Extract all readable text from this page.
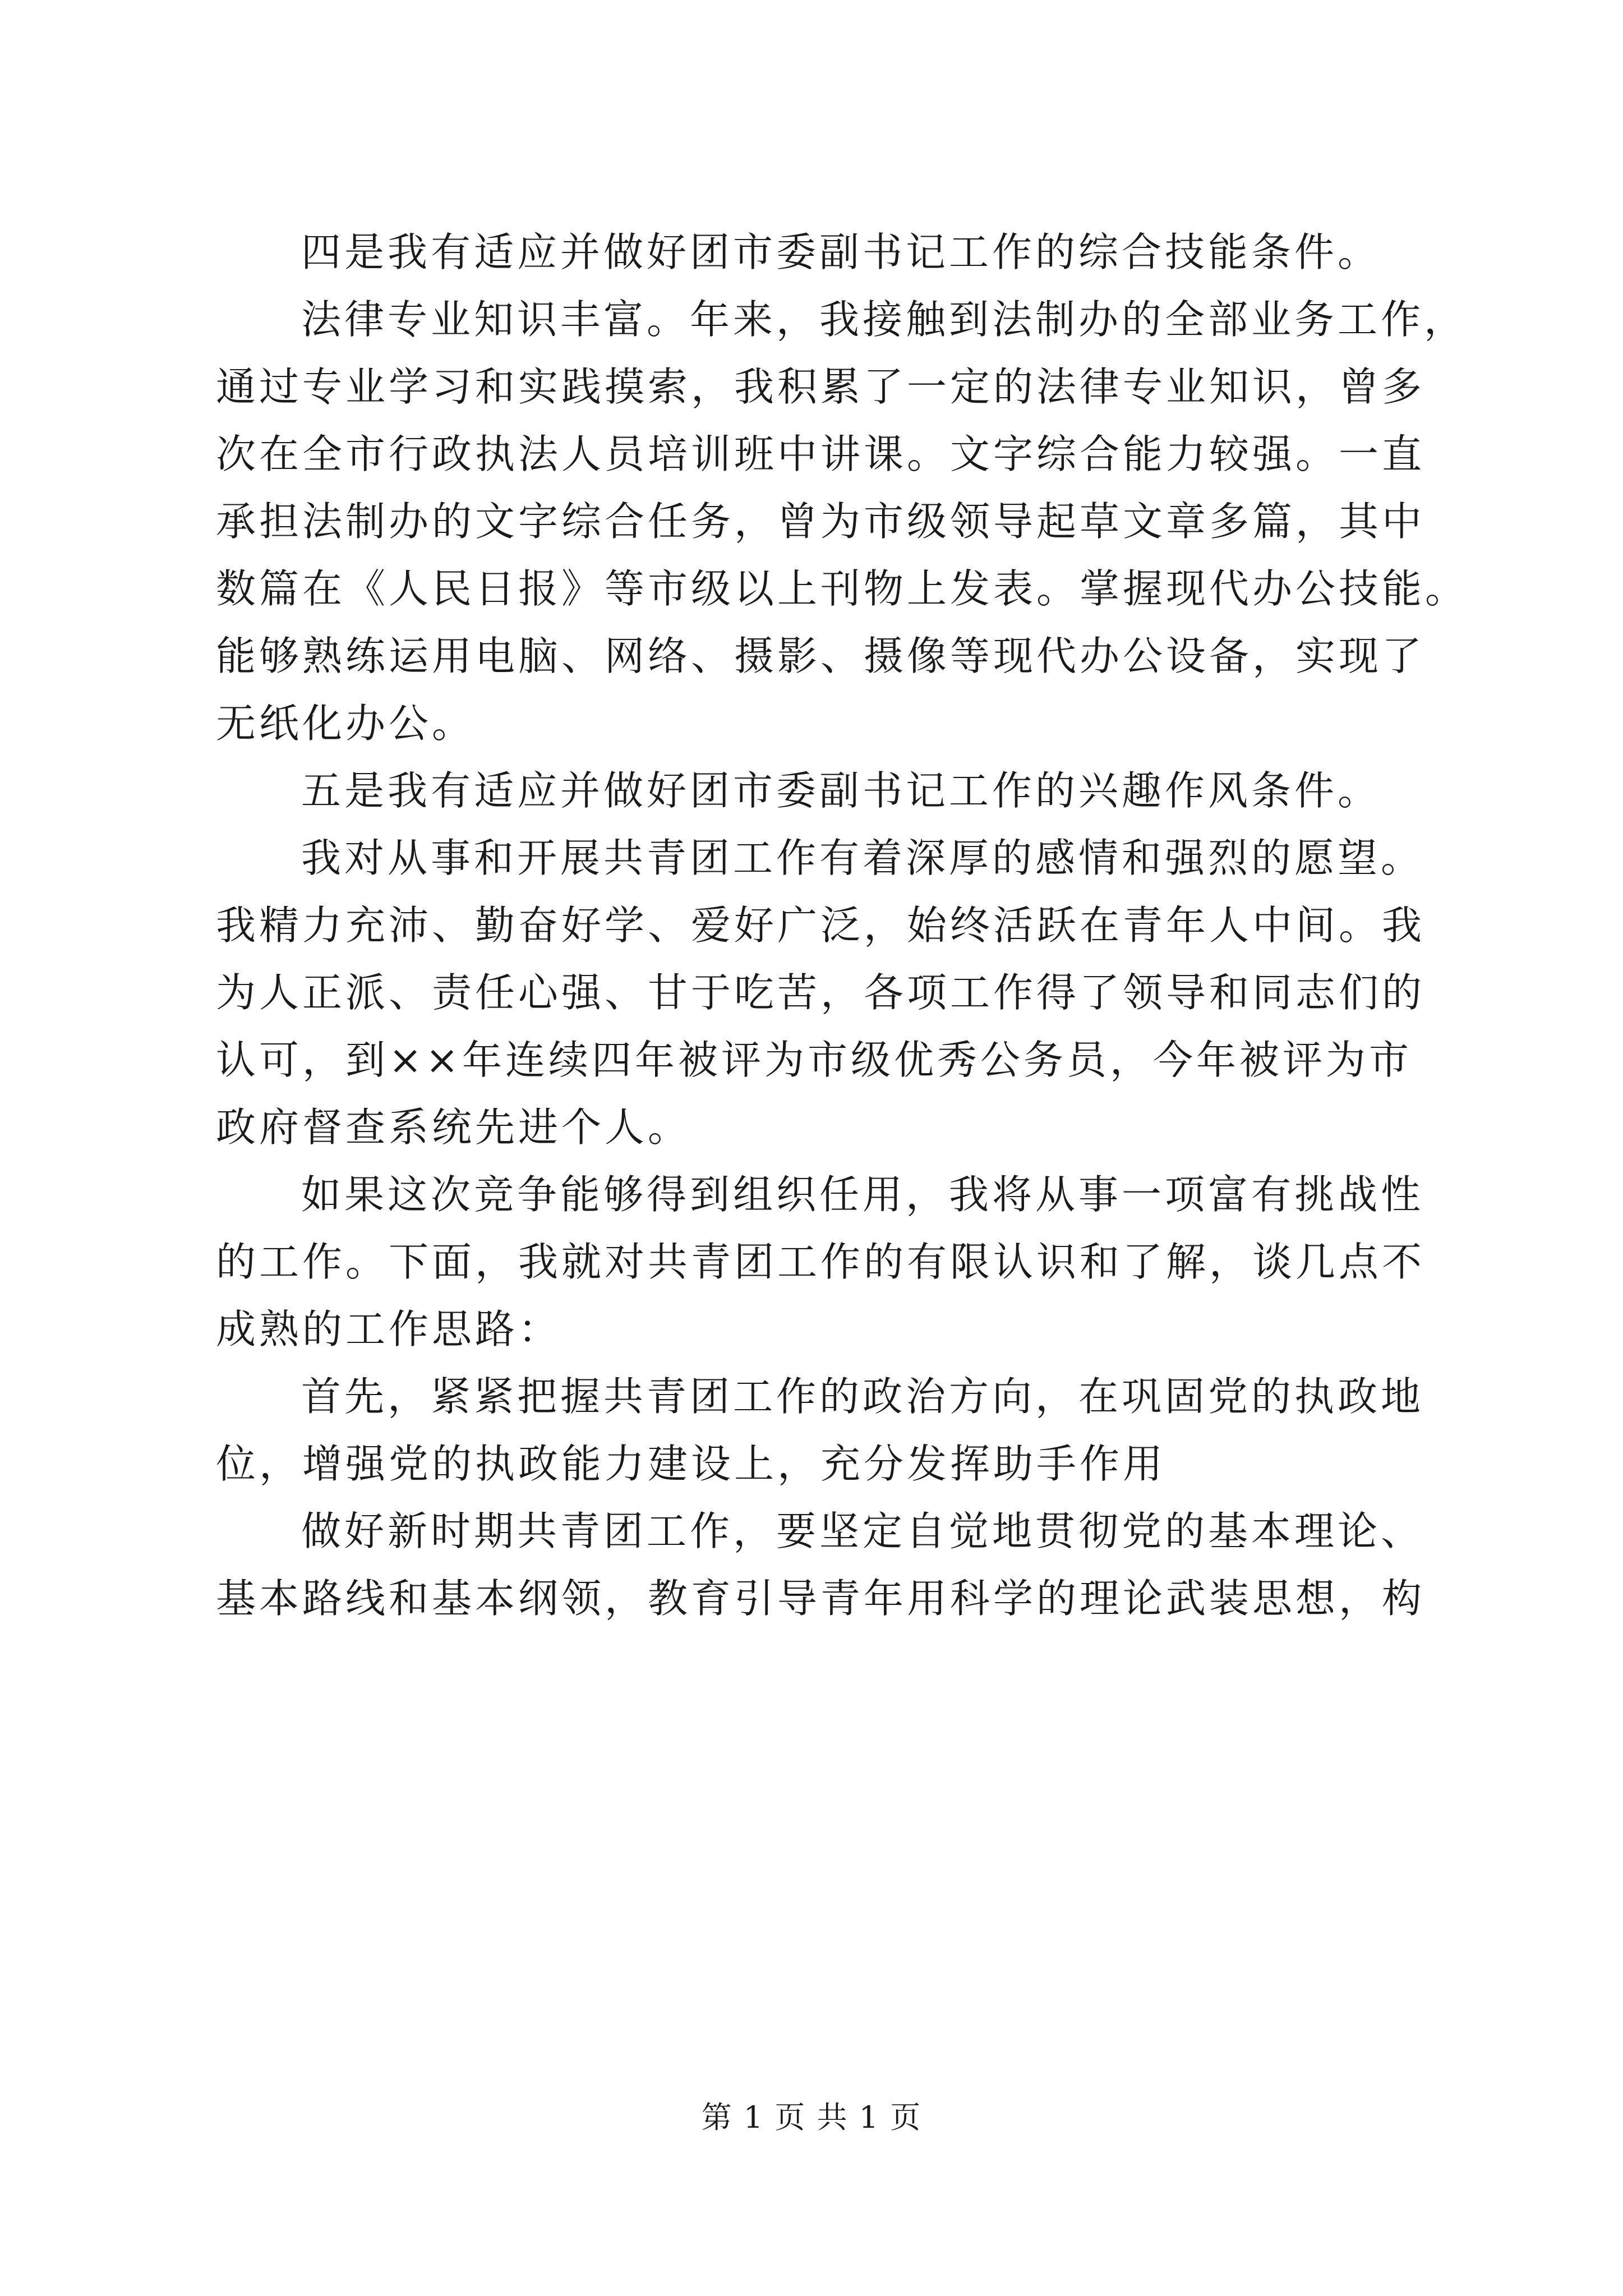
四是我有适应并做好团市委副书记工作的综合技能条件。
法律专业知识丰富。年来，我接触到法制办的全部业务工作，
通过专业学习和实践摸索，我积累了一定的法律专业知识，曾多
次在全市行政执法人员培训班中讲课。文字综合能力较强。一直
承担法制办的文字综合任务，曾为市级领导起草文章多篇，其中
数篇在《人民日报》等市级以上刊物上发表。掌握现代办公技能。
能够熟练运用电脑、网络、摄影、摄像等现代办公设备，实现了
无纸化办公。
五是我有适应并做好团市委副书记工作的兴趣作风条件。
我对从事和开展共青团工作有着深厚的感情和强烈的愿望。
我精力充沛、勤奋好学、爱好广泛，始终活跃在青年人中间。我
为人正派、责任心强、甘于吃苦，各项工作得了领导和同志们的
认可，到××年连续四年被评为市级优秀公务员，今年被评为市
政府督查系统先进个人。
如果这次竞争能够得到组织任用，我将从事一项富有挑战性
的工作。下面，我就对共青团工作的有限认识和了解，谈几点不
成熟的工作思路：
首先，紧紧把握共青团工作的政治方向，在巩固党的执政地
位，增强党的执政能力建设上，充分发挥助手作用
做好新时期共青团工作，要坚定自觉地贯彻党的基本理论、
基本路线和基本纲领，教育引导青年用科学的理论武装思想，构
第 1 页 共 1 页
